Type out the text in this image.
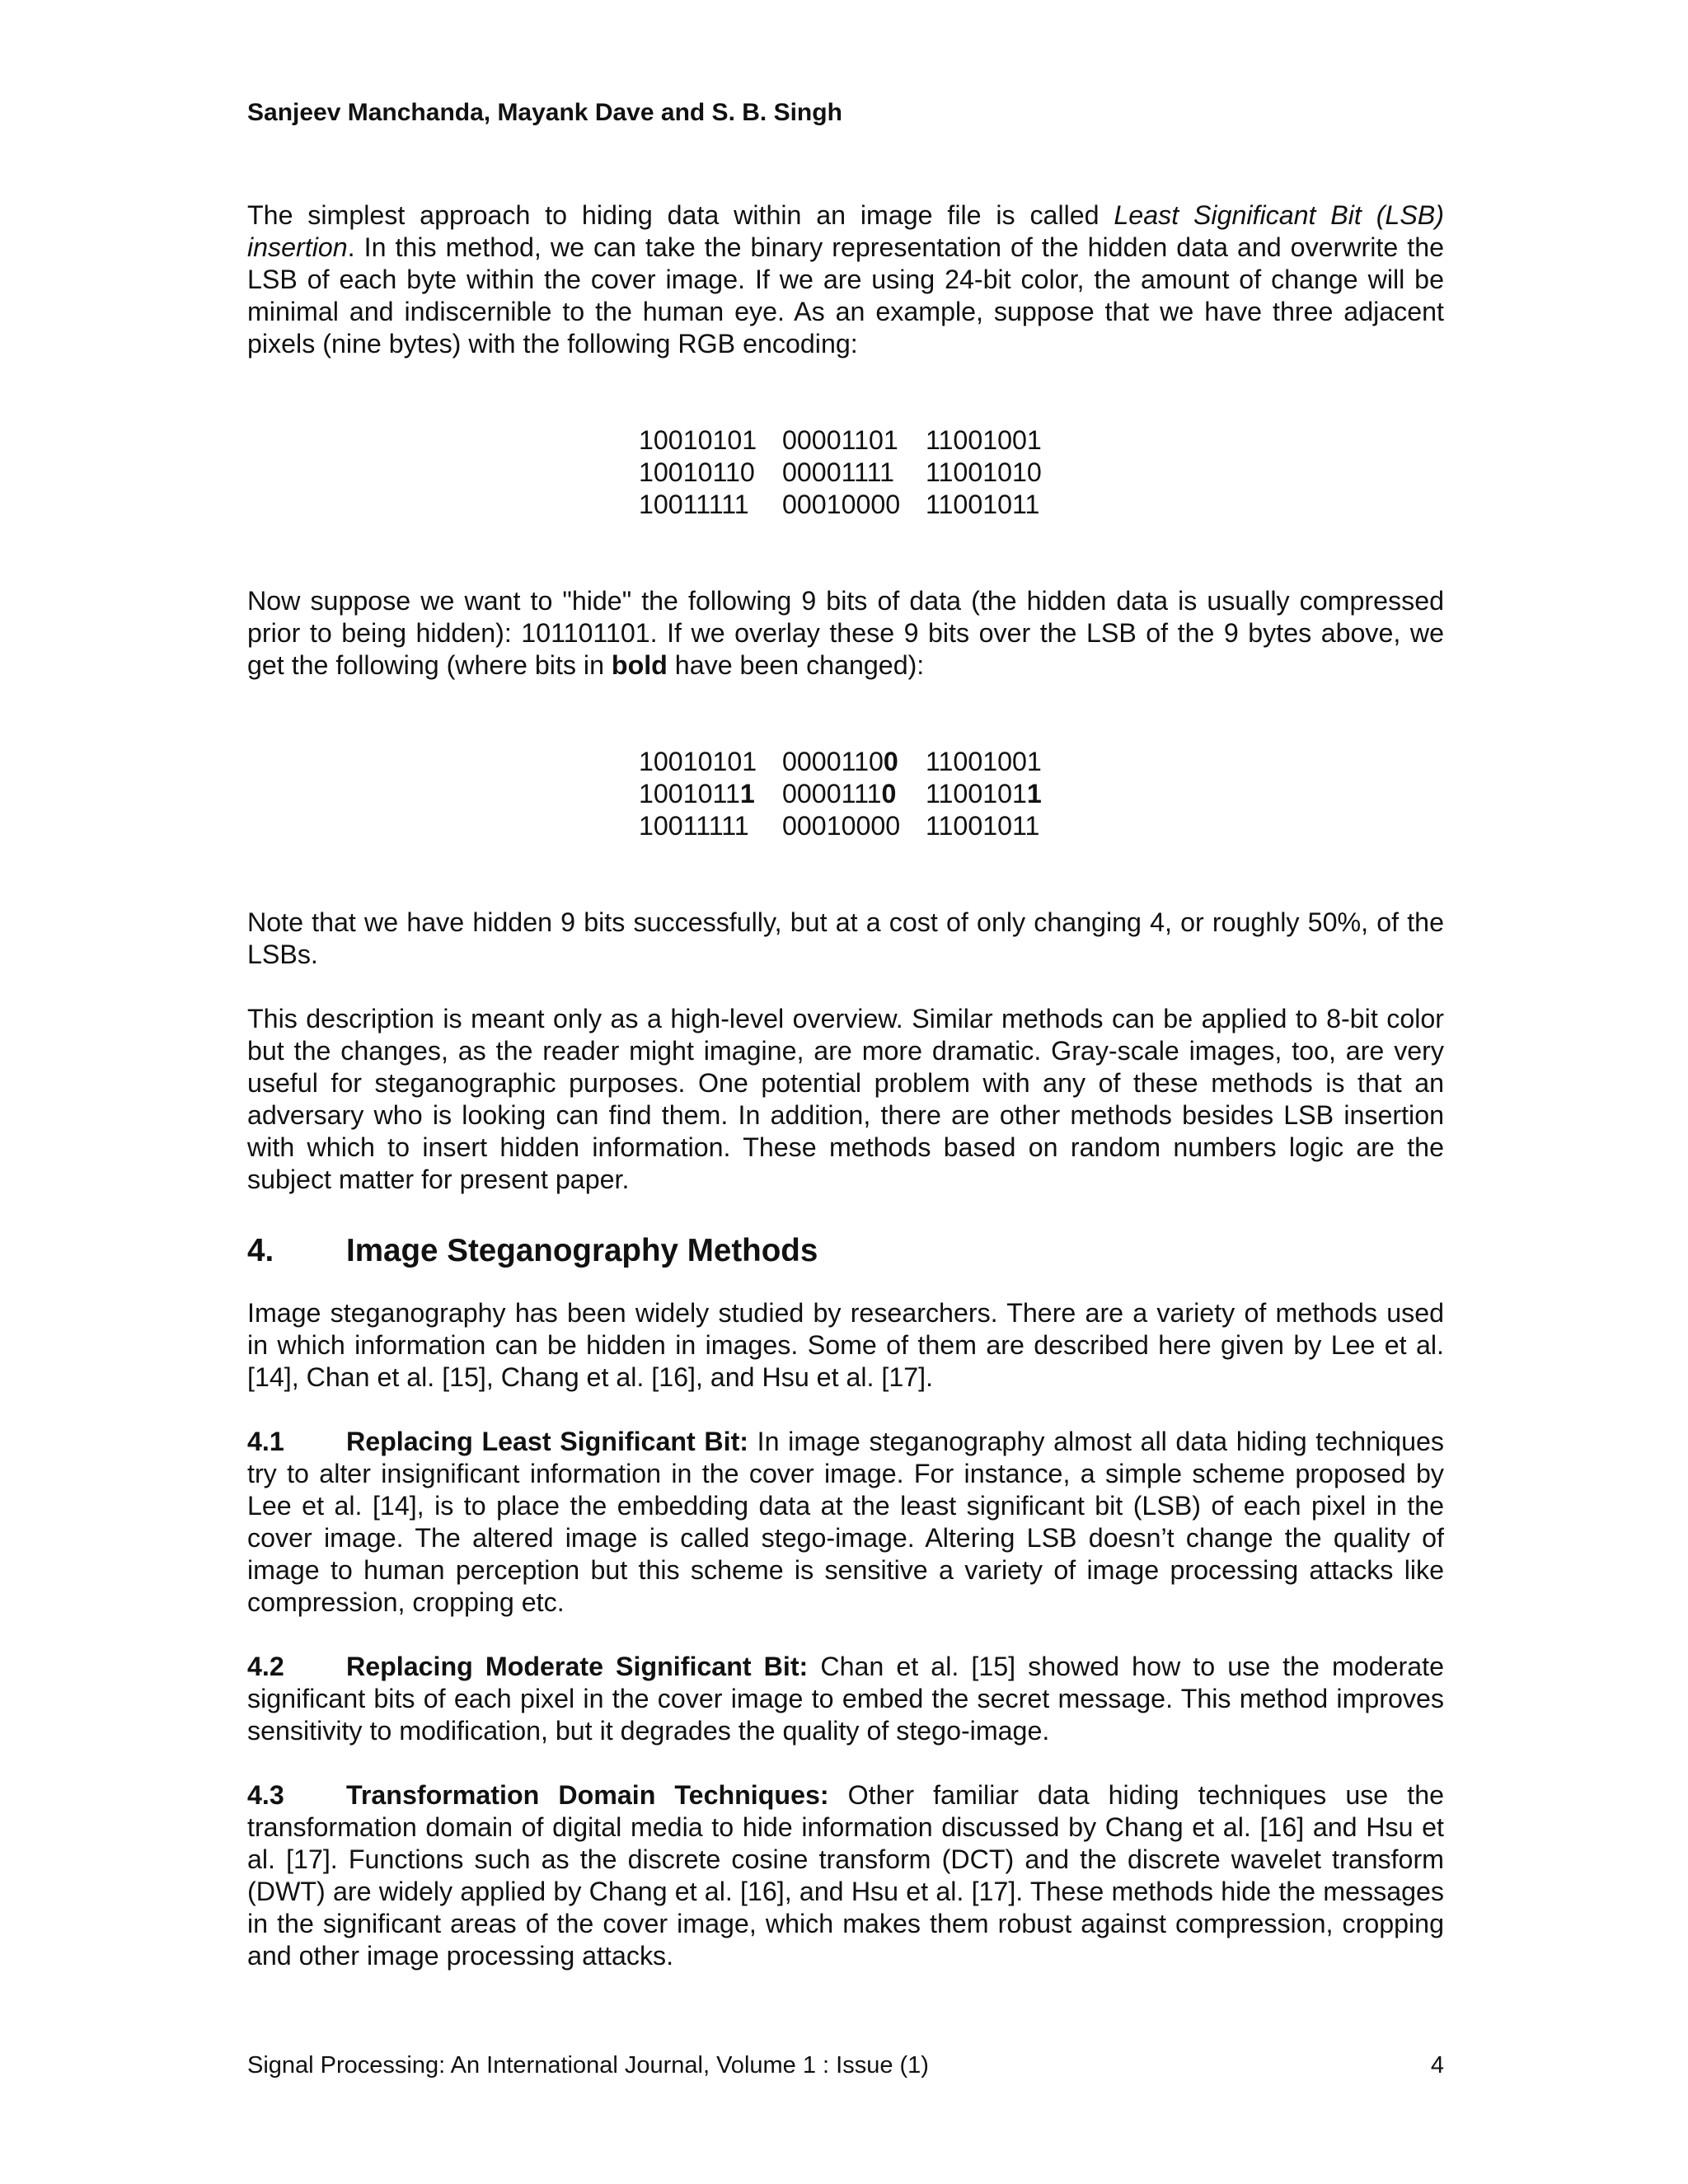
Sanjeev Manchanda, Mayank Dave and S. B. Singh

The simplest approach to hiding data within an image file is called Least Significant Bit (LSB) insertion. In this method, we can take the binary representation of the hidden data and overwrite the LSB of each byte within the cover image. If we are using 24-bit color, the amount of change will be minimal and indiscernible to the human eye. As an example, suppose that we have three adjacent pixels (nine bytes) with the following RGB encoding:

10010101 00001101	11001001
10010110	00001111	11001010
10011111	00010000 11001011

Now suppose we want to "hide" the following 9 bits of data (the hidden data is usually compressed prior to being hidden): 101101101. If we overlay these 9 bits over the LSB of the 9 bytes above, we get the following (where bits in bold have been changed):

10010101 00001100	11001001
10010111	00001110	11001011
10011111	00010000 11001011

Note that we have hidden 9 bits successfully, but at a cost of only changing 4, or roughly 50%, of the LSBs.

This description is meant only as a high-level overview. Similar methods can be applied to 8-bit color but the changes, as the reader might imagine, are more dramatic. Gray-scale images, too, are very useful for steganographic purposes. One potential problem with any of these methods is that an adversary who is looking can find them. In addition, there are other methods besides LSB insertion with which to insert hidden information. These methods based on random numbers logic are the subject matter for present paper.

4.	Image Steganography Methods

Image steganography has been widely studied by researchers. There are a variety of methods used in which information can be hidden in images. Some of them are described here given by Lee et al. [14], Chan et al. [15], Chang et al. [16], and Hsu et al. [17].

4.1 Replacing Least Significant Bit: In image steganography almost all data hiding techniques try to alter insignificant information in the cover image. For instance, a simple scheme proposed by Lee et al. [14], is to place the embedding data at the least significant bit (LSB) of each pixel in the cover image. The altered image is called stego-image. Altering LSB doesn’t change the quality of image to human perception but this scheme is sensitive a variety of image processing attacks like compression, cropping etc.

4.2 Replacing Moderate Significant Bit: Chan et al. [15] showed how to use the moderate significant bits of each pixel in the cover image to embed the secret message. This method improves sensitivity to modification, but it degrades the quality of stego-image.

4.3 Transformation Domain Techniques: Other familiar data hiding techniques use the transformation domain of digital media to hide information discussed by Chang et al. [16] and Hsu et al. [17]. Functions such as the discrete cosine transform (DCT) and the discrete wavelet transform (DWT) are widely applied by Chang et al. [16], and Hsu et al. [17]. These methods hide the messages in the significant areas of the cover image, which makes them robust against compression, cropping and other image processing attacks.

Signal Processing: An International Journal, Volume 1 : Issue (1)	4
